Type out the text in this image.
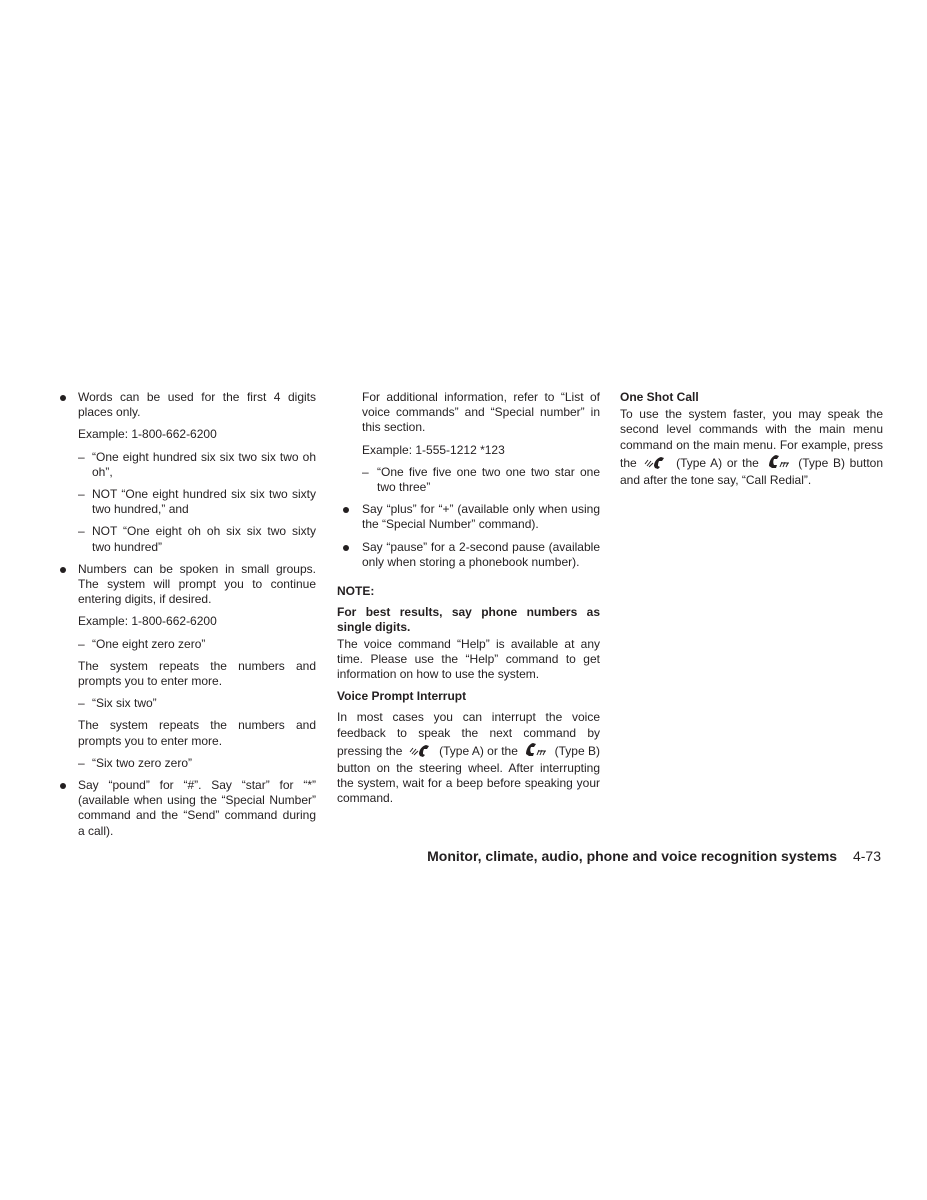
Words can be used for the first 4 digits places only.
Example: 1-800-662-6200
– “One eight hundred six six two six two oh oh”,
– NOT “One eight hundred six six two sixty two hundred,” and
– NOT “One eight oh oh six six two sixty two hundred”
Numbers can be spoken in small groups. The system will prompt you to continue entering digits, if desired.
Example: 1-800-662-6200
– “One eight zero zero”
The system repeats the numbers and prompts you to enter more.
– “Six six two”
The system repeats the numbers and prompts you to enter more.
– “Six two zero zero”
Say “pound” for “#”. Say “star” for “*” (available when using the “Special Number” command and the “Send” command during a call).
For additional information, refer to “List of voice commands” and “Special number” in this section.
Example: 1-555-1212 *123
– “One five five one two one two star one two three”
Say “plus” for “+” (available only when using the “Special Number” command).
Say “pause” for a 2-second pause (available only when storing a phonebook number).
NOTE:
For best results, say phone numbers as single digits.
The voice command “Help” is available at any time. Please use the “Help” command to get information on how to use the system.
Voice Prompt Interrupt
In most cases you can interrupt the voice feedback to speak the next command by pressing the	(Type A) or the	(Type B) button on the steering wheel. After interrupting the system, wait for a beep before speaking your command.
One Shot Call
To use the system faster, you may speak the second level commands with the main menu command on the main menu. For example, press the	(Type A) or the	(Type B) button and after the tone say, “Call Redial”.
Monitor, climate, audio, phone and voice recognition systems 4-73
